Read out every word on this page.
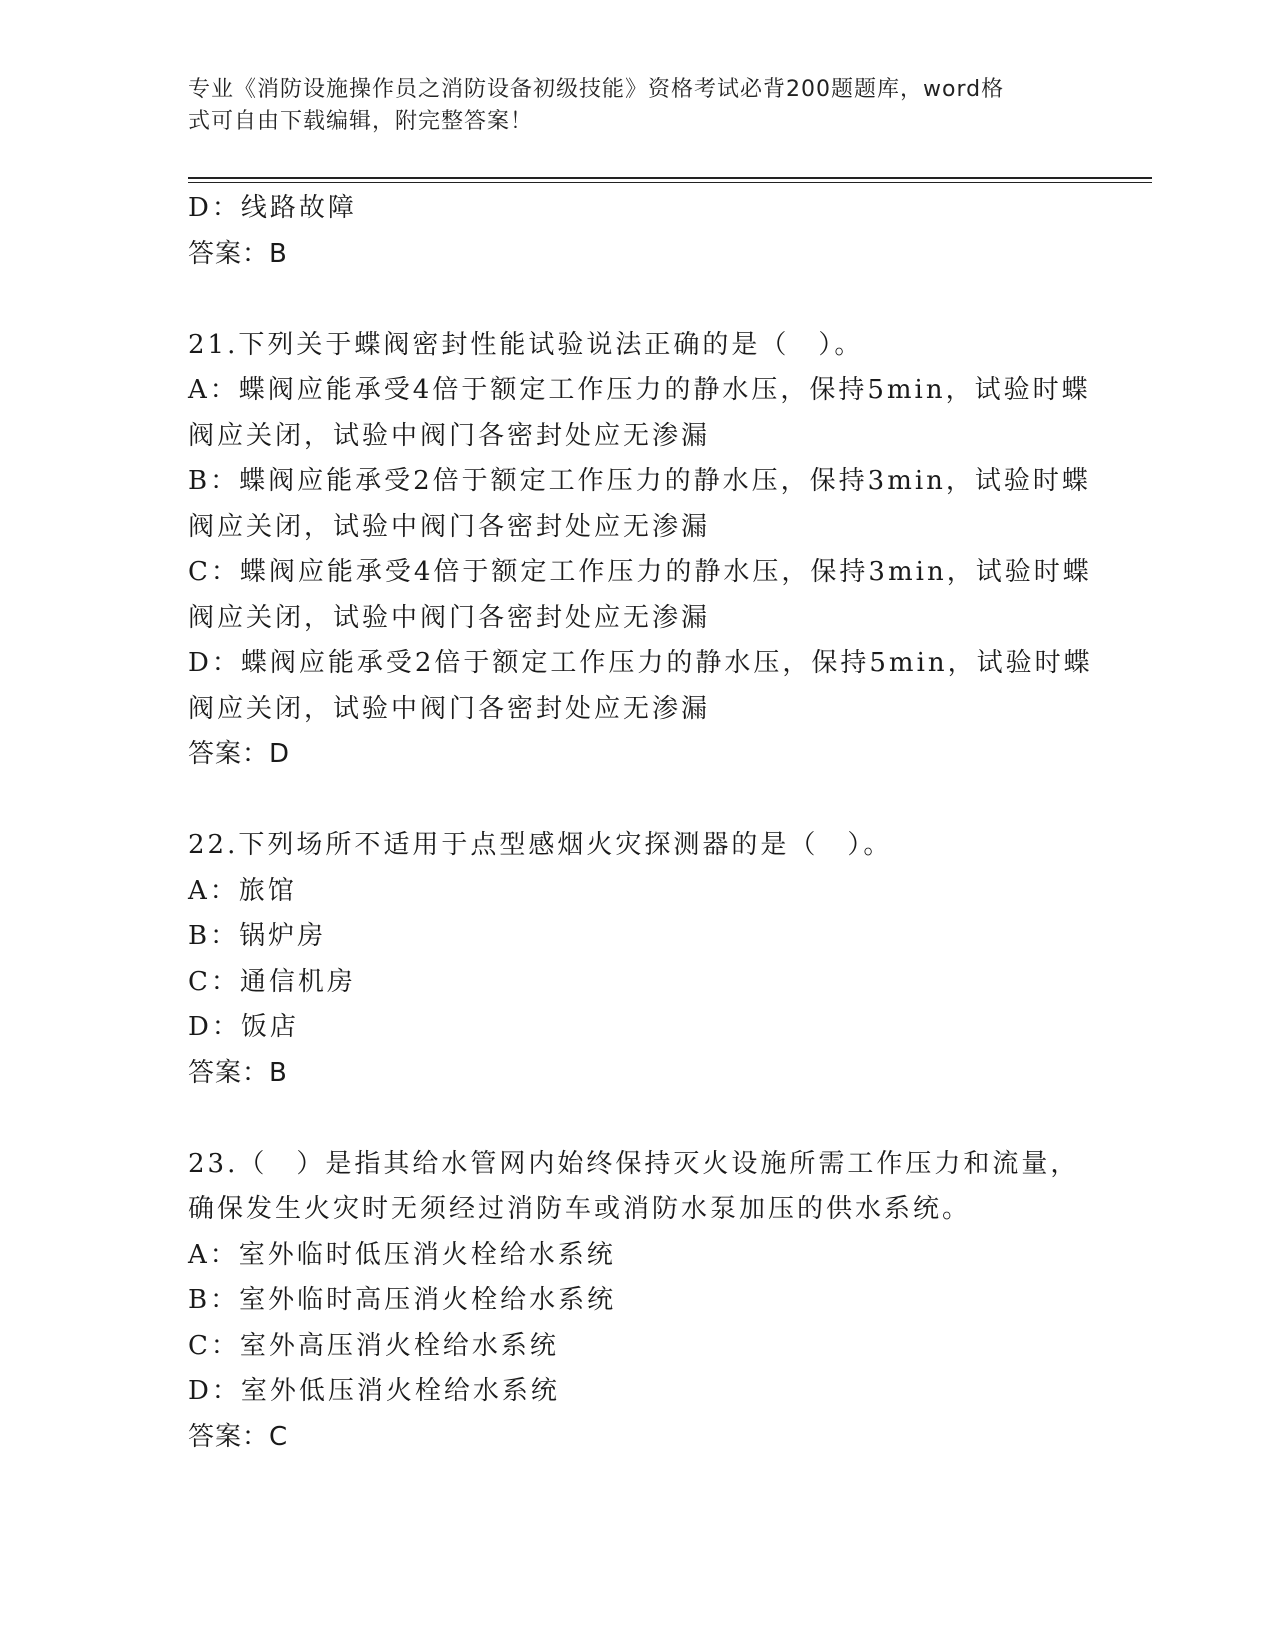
专业《消防设施操作员之消防设备初级技能》资格考试必背200题题库，word格
式可自由下载编辑，附完整答案！
D：线路故障
答案：B
21.下列关于蝶阀密封性能试验说法正确的是（　）。
A：蝶阀应能承受4倍于额定工作压力的静水压，保持5min，试验时蝶
阀应关闭，试验中阀门各密封处应无渗漏
B：蝶阀应能承受2倍于额定工作压力的静水压，保持3min，试验时蝶
阀应关闭，试验中阀门各密封处应无渗漏
C：蝶阀应能承受4倍于额定工作压力的静水压，保持3min，试验时蝶
阀应关闭，试验中阀门各密封处应无渗漏
D：蝶阀应能承受2倍于额定工作压力的静水压，保持5min，试验时蝶
阀应关闭，试验中阀门各密封处应无渗漏
答案：D
22.下列场所不适用于点型感烟火灾探测器的是（　）。
A：旅馆
B：锅炉房
C：通信机房
D：饭店
答案：B
23.（　）是指其给水管网内始终保持灭火设施所需工作压力和流量，
确保发生火灾时无须经过消防车或消防水泵加压的供水系统。
A：室外临时低压消火栓给水系统
B：室外临时高压消火栓给水系统
C：室外高压消火栓给水系统
D：室外低压消火栓给水系统
答案：C
